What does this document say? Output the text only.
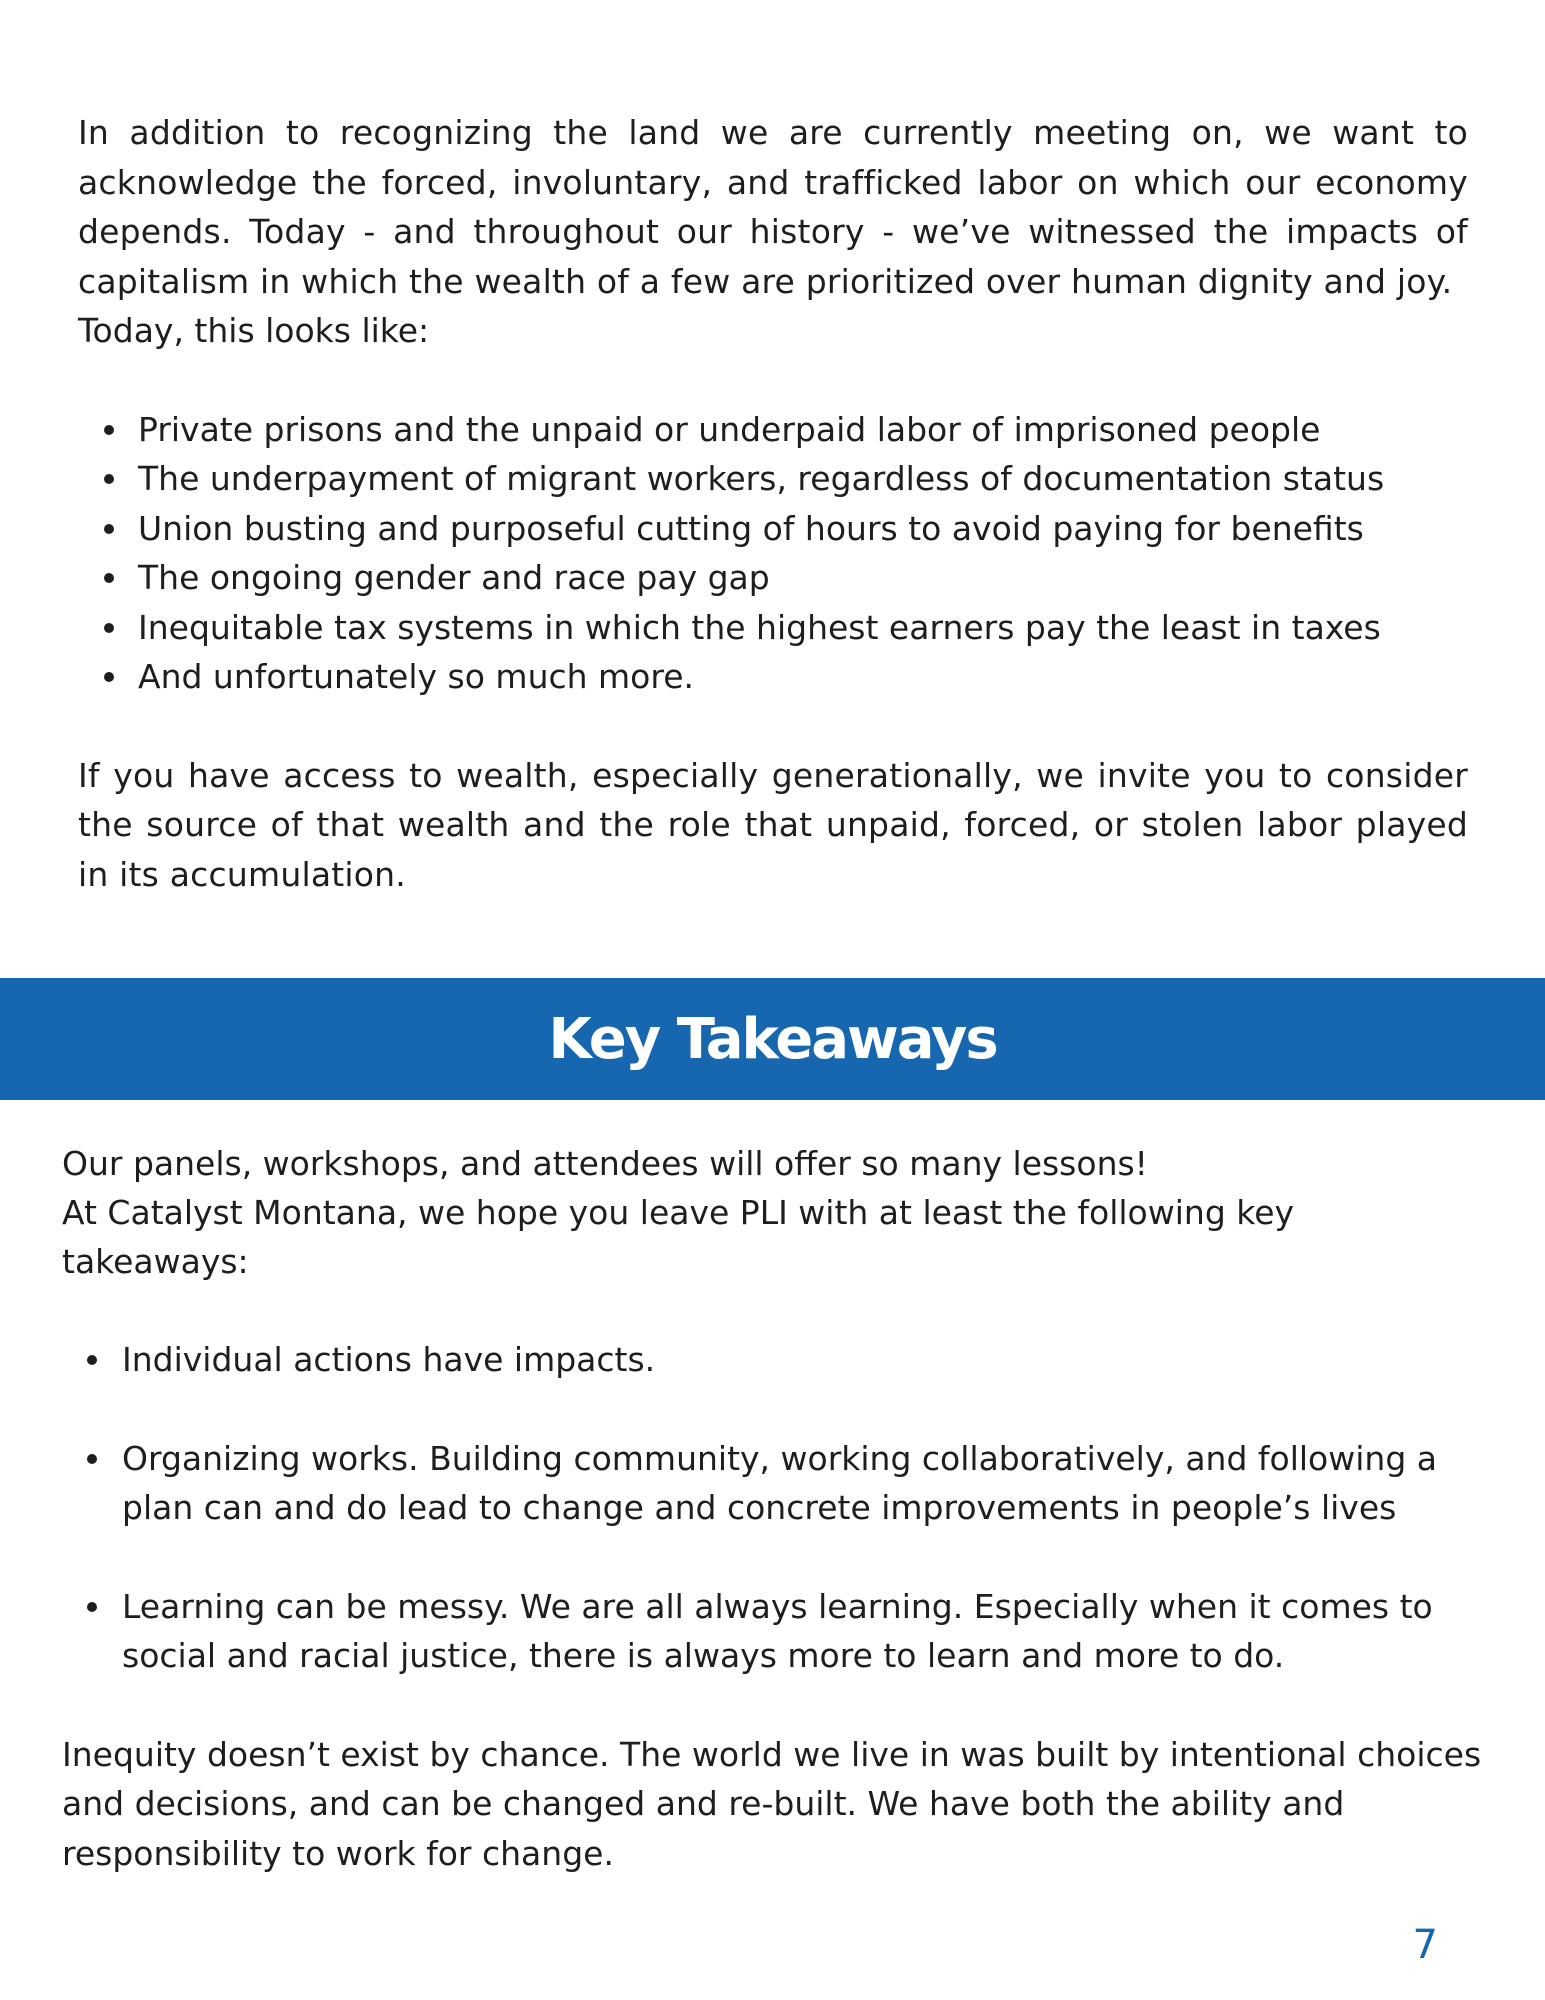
In addition to recognizing the land we are currently meeting on, we want to acknowledge the forced, involuntary, and trafficked labor on which our economy depends. Today - and throughout our history - we’ve witnessed the impacts of capitalism in which the wealth of a few are prioritized over human dignity and joy.

Today, this looks like:

Private prisons and the unpaid or underpaid labor of imprisoned people
The underpayment of migrant workers, regardless of documentation status
Union busting and purposeful cutting of hours to avoid paying for benefits
The ongoing gender and race pay gap
Inequitable tax systems in which the highest earners pay the least in taxes
And unfortunately so much more.

If you have access to wealth, especially generationally, we invite you to consider the source of that wealth and the role that unpaid, forced, or stolen labor played in its accumulation.

Key Takeaways

Our panels, workshops, and attendees will offer so many lessons!

At Catalyst Montana, we hope you leave PLI with at least the following key takeaways:

Individual actions have impacts.
Organizing works. Building community, working collaboratively, and following a plan can and do lead to change and concrete improvements in people’s lives
Learning can be messy. We are all always learning. Especially when it comes to social and racial justice, there is always more to learn and more to do.

Inequity doesn’t exist by chance. The world we live in was built by intentional choices and decisions, and can be changed and re-built. We have both the ability and responsibility to work for change.

7
